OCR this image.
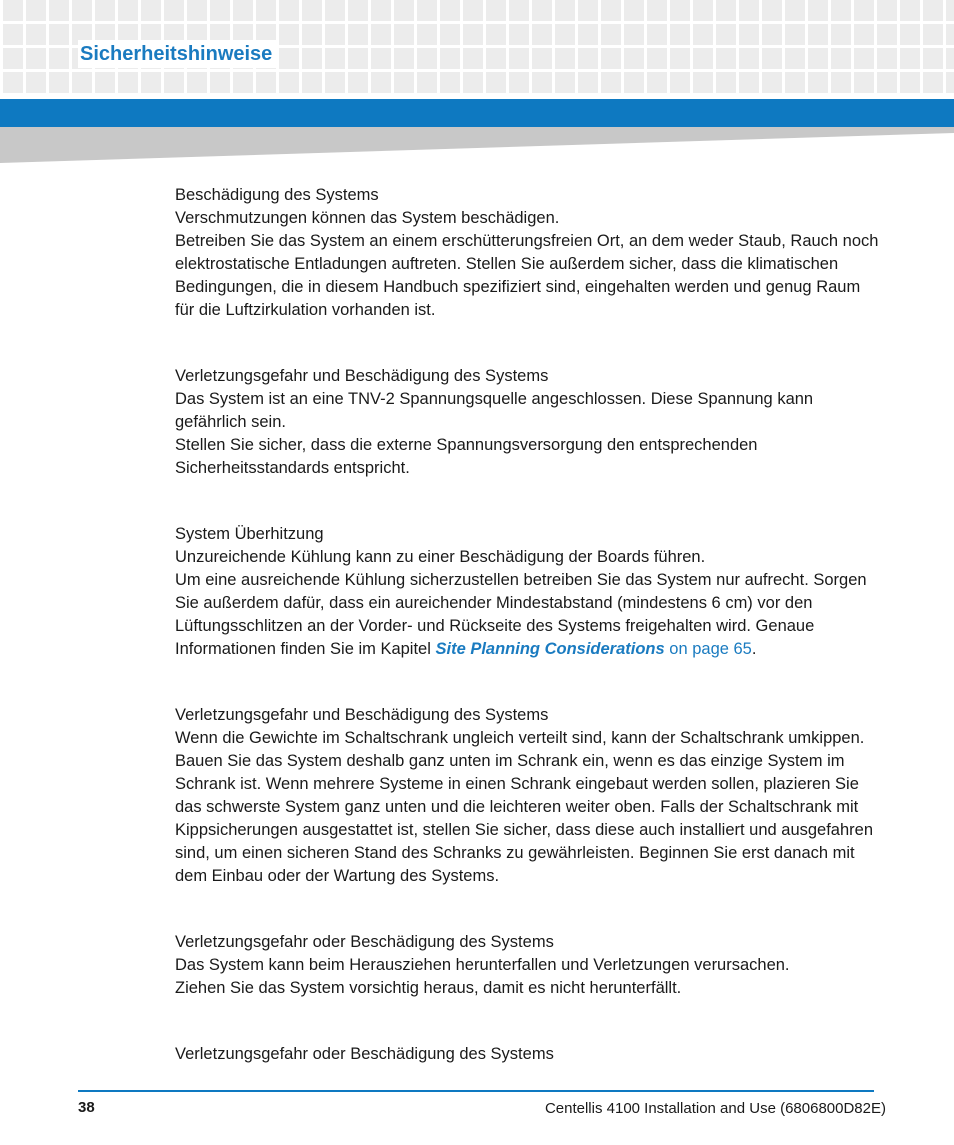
Sicherheitshinweise
Beschädigung des Systems

Verschmutzungen können das System beschädigen.

Betreiben Sie das System an einem erschütterungsfreien Ort, an dem weder Staub, Rauch noch elektrostatische Entladungen auftreten. Stellen Sie außerdem sicher, dass die klimatischen Bedingungen, die in diesem Handbuch spezifiziert sind, eingehalten werden und genug Raum für die Luftzirkulation vorhanden ist.

Verletzungsgefahr und Beschädigung des Systems

Das System ist an eine TNV-2 Spannungsquelle angeschlossen. Diese Spannung kann gefährlich sein.

Stellen Sie sicher, dass die externe Spannungsversorgung den entsprechenden Sicherheitsstandards entspricht.

System Überhitzung

Unzureichende Kühlung kann zu einer Beschädigung der Boards führen.

Um eine ausreichende Kühlung sicherzustellen betreiben Sie das System nur aufrecht. Sorgen Sie außerdem dafür, dass ein aureichender Mindestabstand (mindestens 6 cm) vor den Lüftungsschlitzen an der Vorder- und Rückseite des Systems freigehalten wird. Genaue Informationen finden Sie im Kapitel Site Planning Considerations on page 65.

Verletzungsgefahr und Beschädigung des Systems

Wenn die Gewichte im Schaltschrank ungleich verteilt sind, kann der Schaltschrank umkippen. Bauen Sie das System deshalb ganz unten im Schrank ein, wenn es das einzige System im Schrank ist. Wenn mehrere Systeme in einen Schrank eingebaut werden sollen, plazieren Sie das schwerste System ganz unten und die leichteren weiter oben. Falls der Schaltschrank mit Kippsicherungen ausgestattet ist, stellen Sie sicher, dass diese auch installiert und ausgefahren sind, um einen sicheren Stand des Schranks zu gewährleisten. Beginnen Sie erst danach mit dem Einbau oder der Wartung des Systems.

Verletzungsgefahr oder Beschädigung des Systems

Das System kann beim Herausziehen herunterfallen und Verletzungen verursachen.

Ziehen Sie das System vorsichtig heraus, damit es nicht herunterfällt.

Verletzungsgefahr oder Beschädigung des Systems
38	Centellis 4100 Installation and Use (6806800D82E)
